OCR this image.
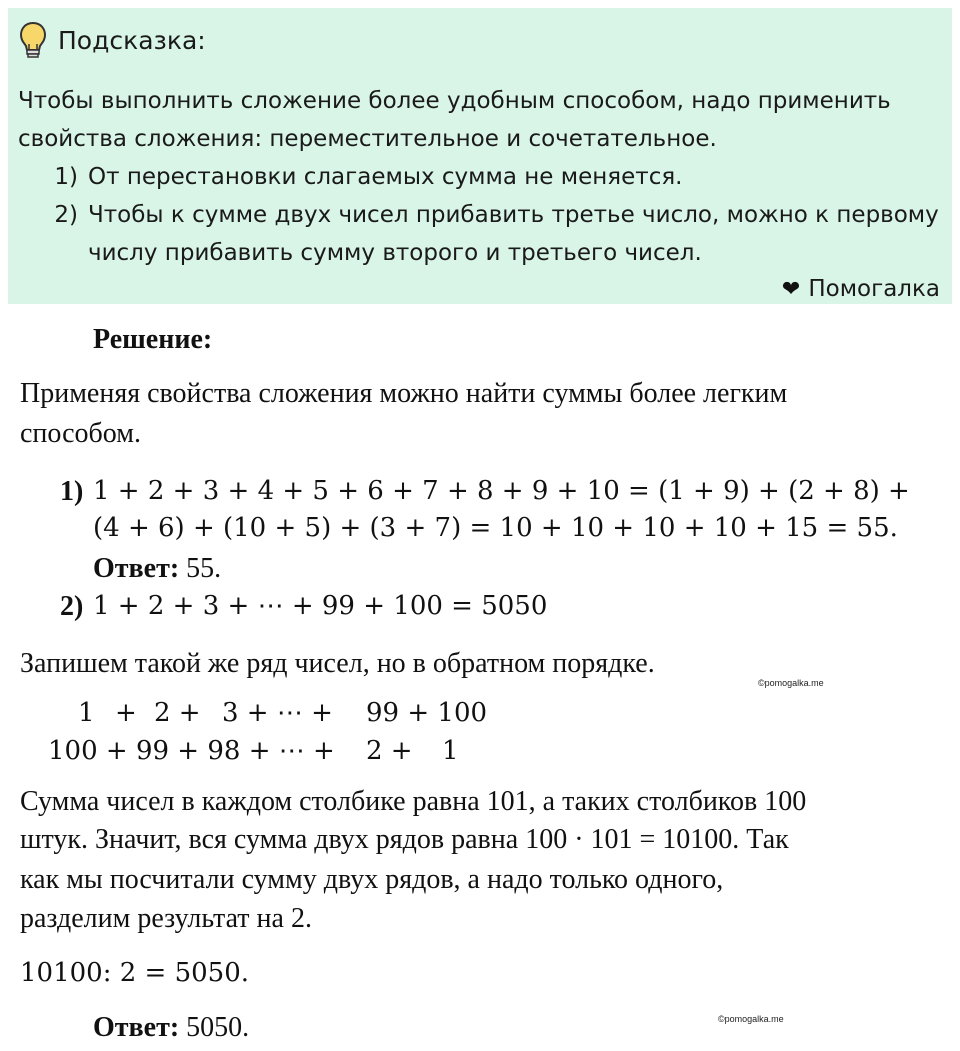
Подсказка:

Чтобы выполнить сложение более удобным способом, надо применить свойства сложения: переместительное и сочетательное.

1) От перестановки слагаемых сумма не меняется.
2) Чтобы к сумме двух чисел прибавить третье число, можно к первому числу прибавить сумму второго и третьего чисел.
❤ Помогалка
Решение:
Применяя свойства сложения можно найти суммы более легким
способом.
1) 1 + 2 + 3 + 4 + 5 + 6 + 7 + 8 + 9 + 10 = (1 + 9) + (2 + 8) +
(4 + 6) + (10 + 5) + (3 + 7) = 10 + 10 + 10 + 10 + 15 = 55.
Ответ: 55.
2) 1 + 2 + 3 + ⋯ + 99 + 100 = 5050
Запишем такой же ряд чисел, но в обратном порядке.
1 + 2 + 3 + ⋯ + 99 + 100
100 + 99 + 98 + ⋯ + 2 + 1
Сумма чисел в каждом столбике равна 101, а таких столбиков 100
штук. Значит, вся сумма двух рядов равна 100 · 101 = 10100. Так
как мы посчитали сумму двух рядов, а надо только одного,
разделим результат на 2.
10100: 2 = 5050.
Ответ: 5050.
©pomogalka.me
©pomogalka.me
